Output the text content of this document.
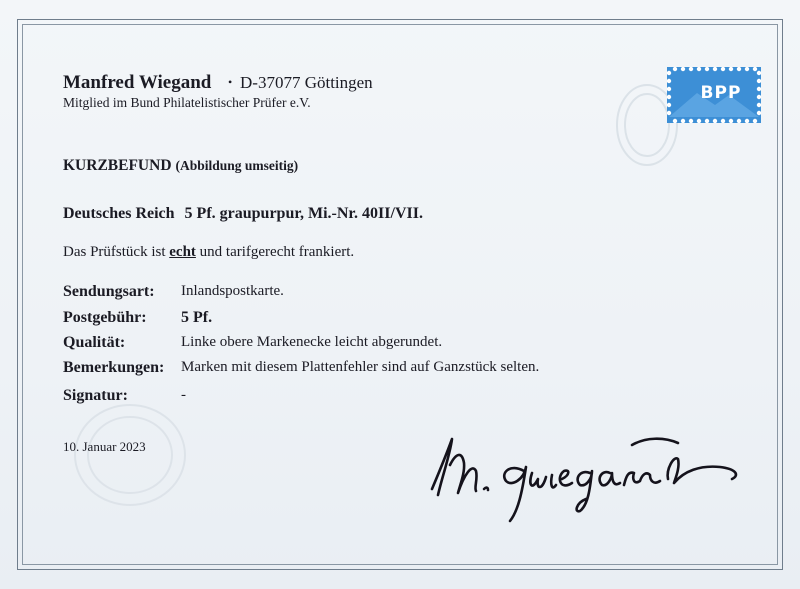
Manfred Wiegand • D-37077 Göttingen
Mitglied im Bund Philatelistischer Prüfer e.V.	BPP
KURZBEFUND (Abbildung umseitig)
Deutsches Reich 5 Pf. graupurpur, Mi.-Nr. 40II/VII.
Das Prüfstück ist echt und tarifgerecht frankiert.
Sendungsart: Inlandspostkarte.
Postgebühr: 5 Pf.
Qualität:	Linke obere Markenecke leicht abgerundet.
Bemerkungen: Marken mit diesem Plattenfehler sind auf Ganzstück selten.
Signatur:	-
10. Januar 2023
